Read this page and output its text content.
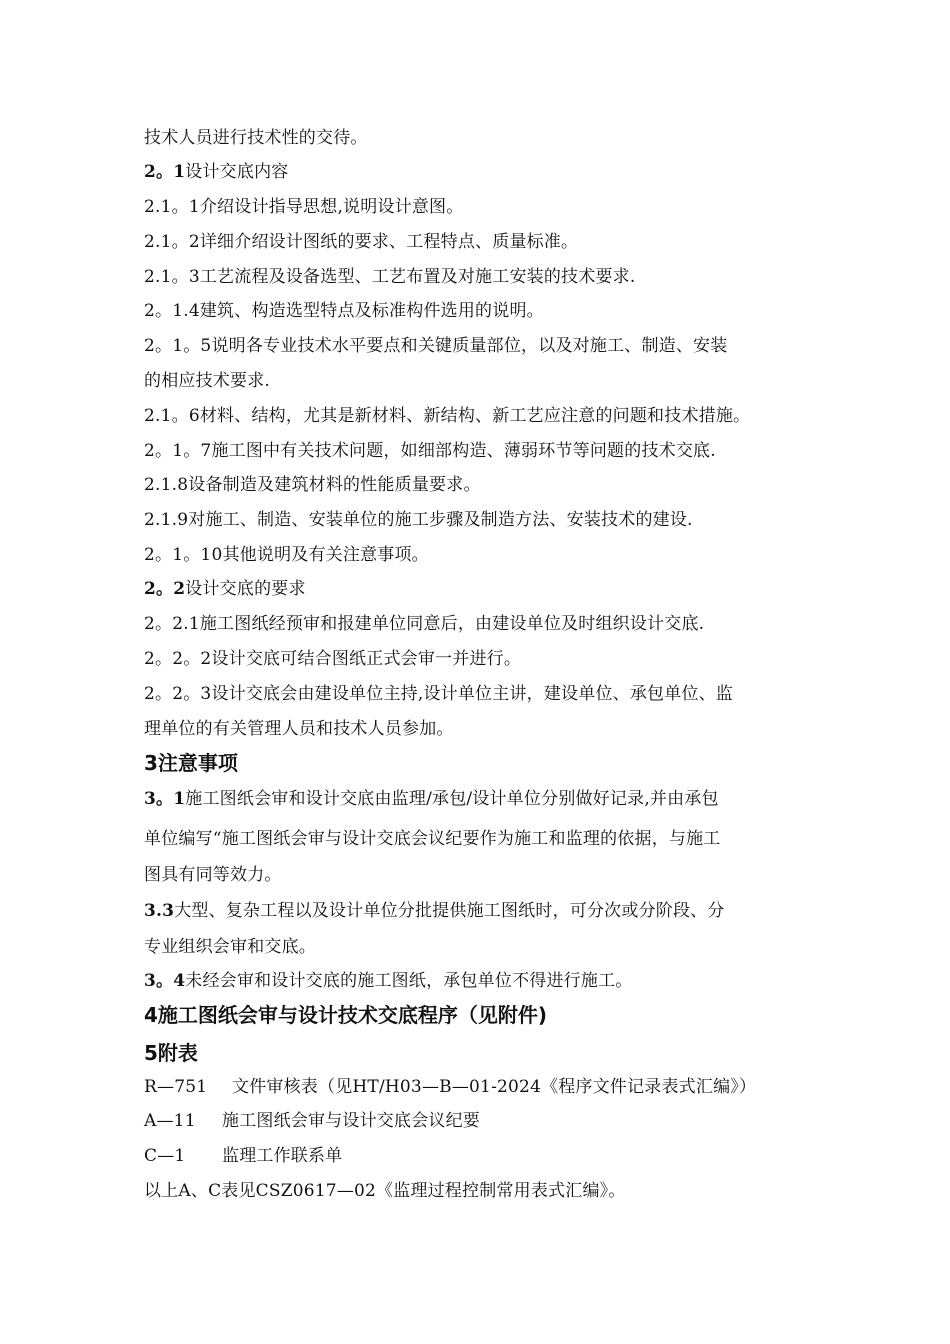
技术人员进行技术性的交待。
2。1设计交底内容
2.1。1介绍设计指导思想,说明设计意图。
2.1。2详细介绍设计图纸的要求、工程特点、质量标准。
2.1。3工艺流程及设备选型、工艺布置及对施工安装的技术要求.
2。1.4建筑、构造选型特点及标准构件选用的说明。
2。1。5说明各专业技术水平要点和关键质量部位，以及对施工、制造、安装
的相应技术要求.
2.1。6材料、结构，尤其是新材料、新结构、新工艺应注意的问题和技术措施。
2。1。7施工图中有关技术问题，如细部构造、薄弱环节等问题的技术交底.
2.1.8设备制造及建筑材料的性能质量要求。
2.1.9对施工、制造、安装单位的施工步骤及制造方法、安装技术的建设.
2。1。10其他说明及有关注意事项。
2。2设计交底的要求
2。2.1施工图纸经预审和报建单位同意后，由建设单位及时组织设计交底.
2。2。2设计交底可结合图纸正式会审一并进行。
2。2。3设计交底会由建设单位主持,设计单位主讲，建设单位、承包单位、监
理单位的有关管理人员和技术人员参加。
3注意事项
3。1施工图纸会审和设计交底由监理/承包/设计单位分别做好记录,并由承包
单位编写“施工图纸会审与设计交底会议纪要作为施工和监理的依据，与施工
图具有同等效力。
3.3大型、复杂工程以及设计单位分批提供施工图纸时，可分次或分阶段、分
专业组织会审和交底。
3。4未经会审和设计交底的施工图纸，承包单位不得进行施工。
4施工图纸会审与设计技术交底程序（见附件)
5附表
R—751 文件审核表（见HT/H03—B—01-2024《程序文件记录表式汇编》）
A—11 施工图纸会审与设计交底会议纪要
C—1 监理工作联系单
以上A、C表见CSZ0617—02《监理过程控制常用表式汇编》。
